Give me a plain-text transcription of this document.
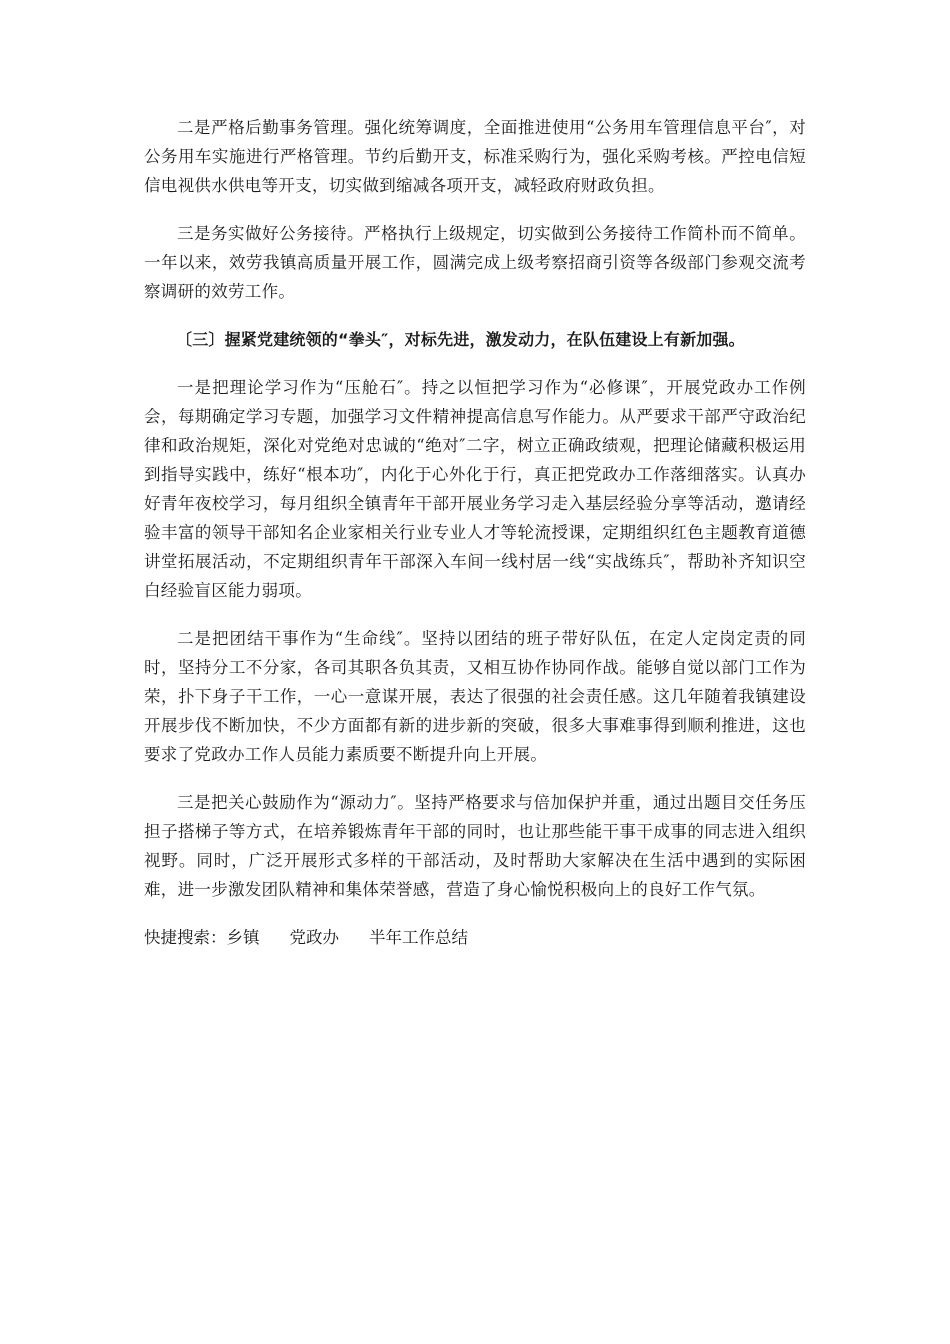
二是严格后勤事务管理。强化统筹调度，全面推进使用“公务用车管理信息平台″，对公务用车实施进行严格管理。节约后勤开支，标准采购行为，强化采购考核。严控电信短信电视供水供电等开支，切实做到缩减各项开支，减轻政府财政负担。

三是务实做好公务接待。严格执行上级规定，切实做到公务接待工作简朴而不简单。一年以来，效劳我镇高质量开展工作，圆满完成上级考察招商引资等各级部门参观交流考察调研的效劳工作。

〔三〕握紧党建统领的“拳头″，对标先进，激发动力，在队伍建设上有新加强。

一是把理论学习作为“压舱石″。持之以恒把学习作为“必修课″，开展党政办工作例会，每期确定学习专题，加强学习文件精神提高信息写作能力。从严要求干部严守政治纪律和政治规矩，深化对党绝对忠诚的“绝对″二字，树立正确政绩观，把理论储藏积极运用到指导实践中，练好“根本功″，内化于心外化于行，真正把党政办工作落细落实。认真办好青年夜校学习，每月组织全镇青年干部开展业务学习走入基层经验分享等活动，邀请经验丰富的领导干部知名企业家相关行业专业人才等轮流授课，定期组织红色主题教育道德讲堂拓展活动，不定期组织青年干部深入车间一线村居一线“实战练兵″，帮助补齐知识空白经验盲区能力弱项。

二是把团结干事作为“生命线″。坚持以团结的班子带好队伍，在定人定岗定责的同时，坚持分工不分家，各司其职各负其责，又相互协作协同作战。能够自觉以部门工作为荣，扑下身子干工作，一心一意谋开展，表达了很强的社会责任感。这几年随着我镇建设开展步伐不断加快，不少方面都有新的进步新的突破，很多大事难事得到顺利推进，这也要求了党政办工作人员能力素质要不断提升向上开展。

三是把关心鼓励作为“源动力″。坚持严格要求与倍加保护并重，通过出题目交任务压担子搭梯子等方式，在培养锻炼青年干部的同时，也让那些能干事干成事的同志进入组织视野。同时，广泛开展形式多样的干部活动，及时帮助大家解决在生活中遇到的实际困难，进一步激发团队精神和集体荣誉感，营造了身心愉悦积极向上的良好工作气氛。

快捷搜索：乡镇 党政办 半年工作总结
